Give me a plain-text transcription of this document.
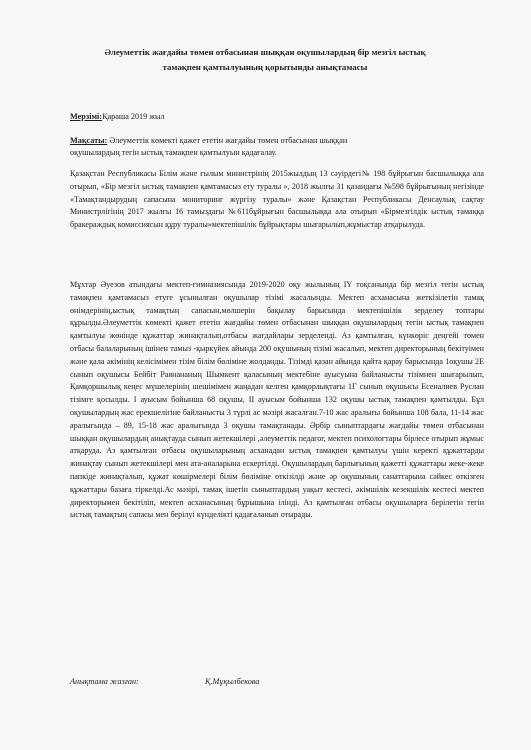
Әлеуметтік жағдайы төмен отбасынан шыққан оқушылардың бір мезгіл ыстық
тамақпен қамтылуының қорытынды анықтамасы
Мерзімі:Қараша 2019 жыл
Мақсаты: Әлеуметтік көмекті қажет ететін жағдайы төмен отбасынан шыққан
оқушылардың тегін ыстық тамақпен қамтылуын қадағалау.
Қазақстан Республикасы Білім және ғылым министрінің 2015жылдың 13 сәуірдегі№ 198 бұйрығын басшылыққа ала отырып, «Бір мезгіл ыстық тамақпен қамтамасыз ету туралы », 2018 жылғы 31 қазандағы №598 бұйрығының негізінде «Тамақтандырудың сапасына мониторинг жүргізу туралы» және Қазақстан Республикасы Денсаулық сақтау Министрлігінің 2017 жылғы 16 тамыздағы №611бұйрығын басшылыққа ала отырып «Бірмезгілдік ыстық тамаққа бракераждық комиссиясын құру туралы»мектепішілік бұйрықтары шығарылып,жұмыстар атқарылуда.
Мұхтар Әуезов атындағы мектеп-гимназиясында 2019-2020 оқу жылының IY тоқсанында бір мезгіл тегін ыстық тамақпен қамтамасыз етуге ұсынылған оқушылар тізімі жасалынды. Мектеп асханасына жеткізілетін тамақ өнімдерінің,ыстық тамақтың сапасын,мөлшерін бақылау барысында мектепішілік зерделеу топтары құрылды.Әлеуметтік көмекті қажет ететін жағдайы төмен отбасынан шыққан оқушылардың тегін ыстық тамақпен қамтылуы жөнінде құжаттар жинақталып,отбасы жағдайлары зерделенді. Аз қамтылған, күнкөріс деңгейі төмен отбасы балаларының ішінен тамыз -қыркүйек айында 200 оқушының тізімі жасалып, мектеп директорының бекітуімен және қала әкімінің келісімімен тізім білім бөліміне жолданды. Тізімді қазан айында қайта қарау барысында 1оқушы 2Е сынып оқушысы Бейбіт Раянананың Шымкент қаласының мектебіне ауысуына байланысты тізімнен шығарылып, Қамқоршылық кеңес мүшелерінің шешімімен жаңадан келген қамқорлықтағы 1Г сынып оқушысы Есеналиев Руслан тізімге қосылды. I ауысым бойынша 68 оқушы, II ауысым бойынша 132 оқушы ыстық тамақпен қамтылды. Бұл оқушылардың жас ерекшелігіне байланысты 3 түрлі ас мәзірі жасалған.7-10 жас аралығы бойынша 108 бала, 11-14 жас аралығында – 89, 15-18 жас аралығында 3 оқушы тамақтанады. Әрбір сыныптардағы жағдайы төмен отбасынан шыққан оқушылардың анықтауда сынып жетекшілері ,әлеуметтік педагог, мектеп психологтары бірлесе отырып жұмыс атқаруда. Аз қамтылған отбасы оқушыларының асханадан ыстық тамақпен қамтылуы үшін керекті құжаттарды жинақтау сынып жетекшілері мен ата-аналарына ескертілді. Оқушылардың барлығының қажетті құжаттары жеке-жеке папкіде жинақталып, құжат көшірмелері білім бөліміне өткізілді және әр оқушының санаттарына сәйкес өткізген құжаттары базаға тіркелді.Ас мәзірі, тамақ ішетін сыныптардың уақыт кестесі, әкімшілік кезекшілік кестесі мектеп директорымен бекітіліп, мектеп асханасының бұрышына ілінді. Аз қамтылған отбасы оқушыларға берілетін тегін ыстық тамақтың сапасы мен берілуі күнделікті қадағаланып отырады.
Анықтама жазған:	Қ.Мұқылбекова
